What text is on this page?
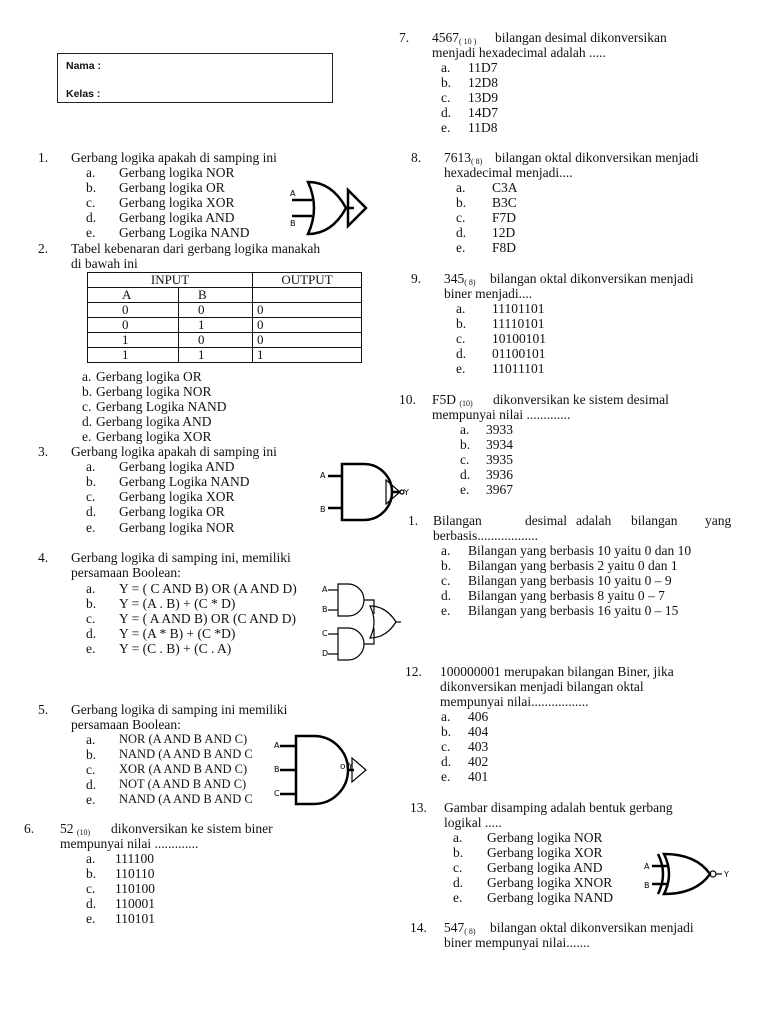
Nama :
Kelas :
1. Gerbang logika apakah di samping ini
a. Gerbang logika NOR
b. Gerbang logika OR
c. Gerbang logika XOR
d. Gerbang logika AND
e. Gerbang Logika NAND
A
B
2. Tabel kebenaran dari gerbang logika manakah
di bawah ini
INPUT		OUTPUT
A	B	
0	0	0
0	1	0
1	0	0
1	1	1
a. Gerbang logika OR
b. Gerbang logika NOR
c. Gerbang Logika NAND
d. Gerbang logika AND
e. Gerbang logika XOR
3. Gerbang logika apakah di samping ini
a. Gerbang logika AND
b. Gerbang Logika NAND
c. Gerbang logika XOR
d. Gerbang logika OR
e. Gerbang logika NOR
Y
A
B
4. Gerbang logika di samping ini, memiliki
persamaan Boolean:
a. Y = ( C AND B) OR (A AND D)
b. Y = (A . B) + (C * D)
c. Y = ( A AND B) OR (C AND D)
d. Y = (A * B) + (C *D)
e. Y = (C . B) + (C . A)
A
B
C
D
5. Gerbang logika di samping ini memiliki
persamaan Boolean:
a. NOR (A AND B AND C)
b. NAND (A AND B AND C
c. XOR (A AND B AND C)
d. NOT (A AND B AND C)
e. NAND (A AND B AND C
A
B
C
o-Y
6. 52 $_{(10)}$ dikonversikan ke sistem biner
mempunyai nilai .............
a. 111100
b. 110110
c. 110100
d. 110001
e. 110101
7. $4567_{( 10 )}$ bilangan desimal dikonversikan
menjadi hexadecimal adalah .....
a. 11D7
b. 12D8
c. 13D9
d. 14D7
e. 11D8
8. $7613_{( 8)}$ bilangan oktal dikonversikan menjadi
hexadecimal menjadi....
a. C3A
b. B3C
c. F7D
d. 12D
e. F8D
9. $345_{( 8)}$ bilangan oktal dikonversikan menjadi
biner menjadi....
a. 11101101
b. 11110101
c. 10100101
d. 01100101
e. 11011101
10. F5D $_{(10)}$ dikonversikan ke sistem desimal
mempunyai nilai .............
a. 3933
b. 3934
c. 3935
d. 3936
e. 3967
1. Bilangan	desimal adalah bilangan yang
berbasis..................
a. Bilangan yang berbasis 10 yaitu 0 dan 10
b. Bilangan yang berbasis 2 yaitu 0 dan 1
c. Bilangan yang berbasis 10 yaitu 0 – 9
d. Bilangan yang berbasis 8 yaitu 0 – 7
e. Bilangan yang berbasis 16 yaitu 0 – 15
12. 100000001 merupakan bilangan Biner, jika
dikonversikan menjadi bilangan oktal
mempunyai nilai.................
a. 406
b. 404
c. 403
d. 402
e. 401
13. Gambar disamping adalah bentuk gerbang
logikal .....
a. Gerbang logika NOR
b. Gerbang logika XOR
c. Gerbang logika AND
d. Gerbang logika XNOR
e. Gerbang logika NAND
Y
A
B
14. $547_{( 8)}$ bilangan oktal dikonversikan menjadi
biner mempunyai nilai.......
